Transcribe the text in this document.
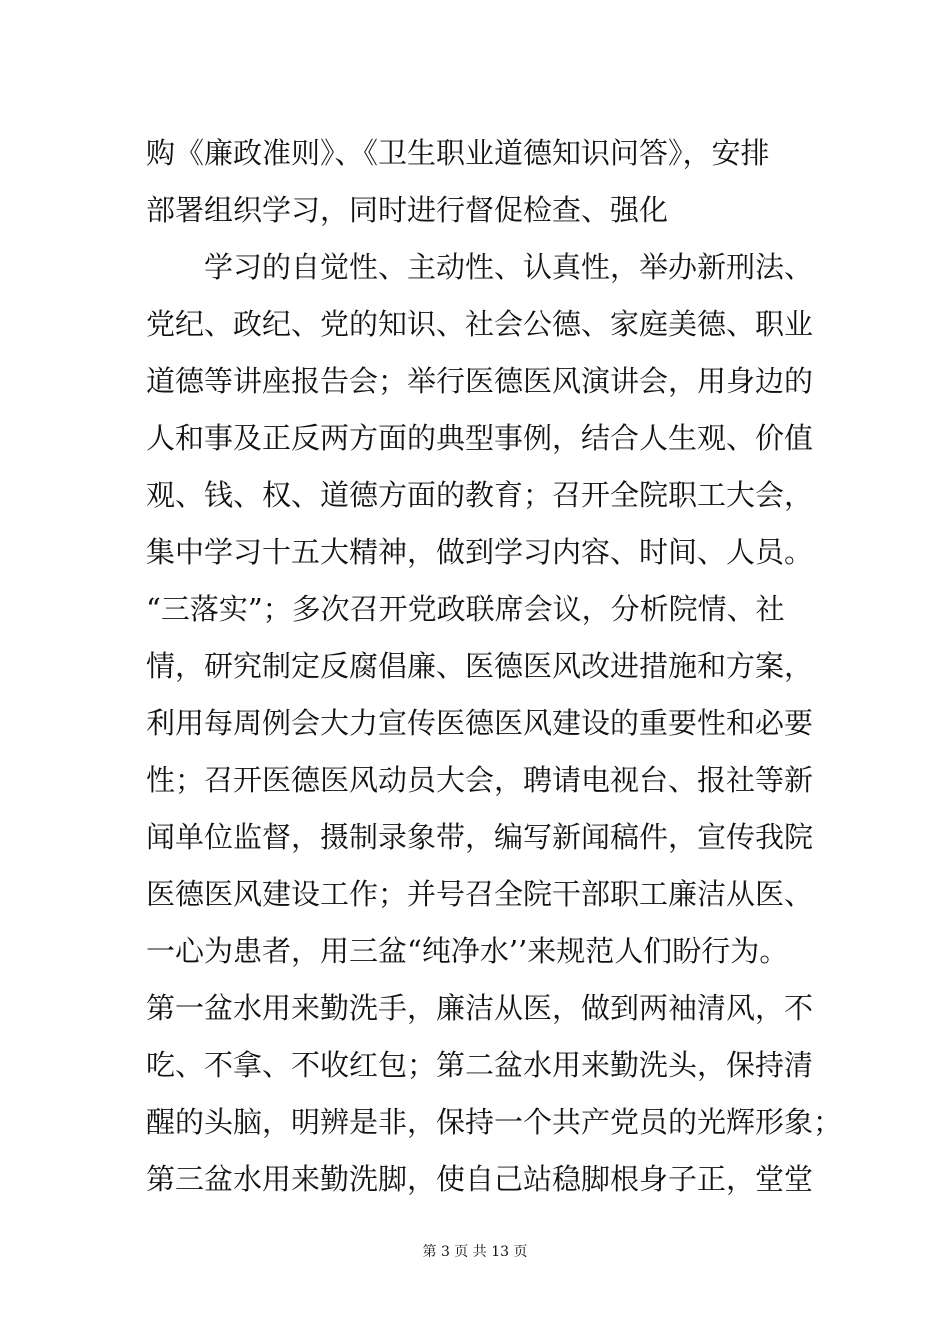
购《廉政准则》、《卫生职业道德知识问答》，安排
部署组织学习，同时进行督促检查、强化
学习的自觉性、主动性、认真性，举办新刑法、
党纪、政纪、党的知识、社会公德、家庭美德、职业
道德等讲座报告会；举行医德医风演讲会，用身边的
人和事及正反两方面的典型事例，结合人生观、价值
观、钱、权、道德方面的教育；召开全院职工大会，
集中学习十五大精神，做到学习内容、时间、人员。
“三落实”；多次召开党政联席会议，分析院情、社
情，研究制定反腐倡廉、医德医风改进措施和方案，
利用每周例会大力宣传医德医风建设的重要性和必要
性；召开医德医风动员大会，聘请电视台、报社等新
闻单位监督，摄制录象带，编写新闻稿件，宣传我院
医德医风建设工作；并号召全院干部职工廉洁从医、
一心为患者，用三盆“纯净水’’来规范人们盼行为。
第一盆水用来勤洗手，廉洁从医，做到两袖清风，不
吃、不拿、不收红包；第二盆水用来勤洗头，保持清
醒的头脑，明辨是非，保持一个共产党员的光辉形象；
第三盆水用来勤洗脚，使自己站稳脚根身子正，堂堂
第 3 页 共 13 页
